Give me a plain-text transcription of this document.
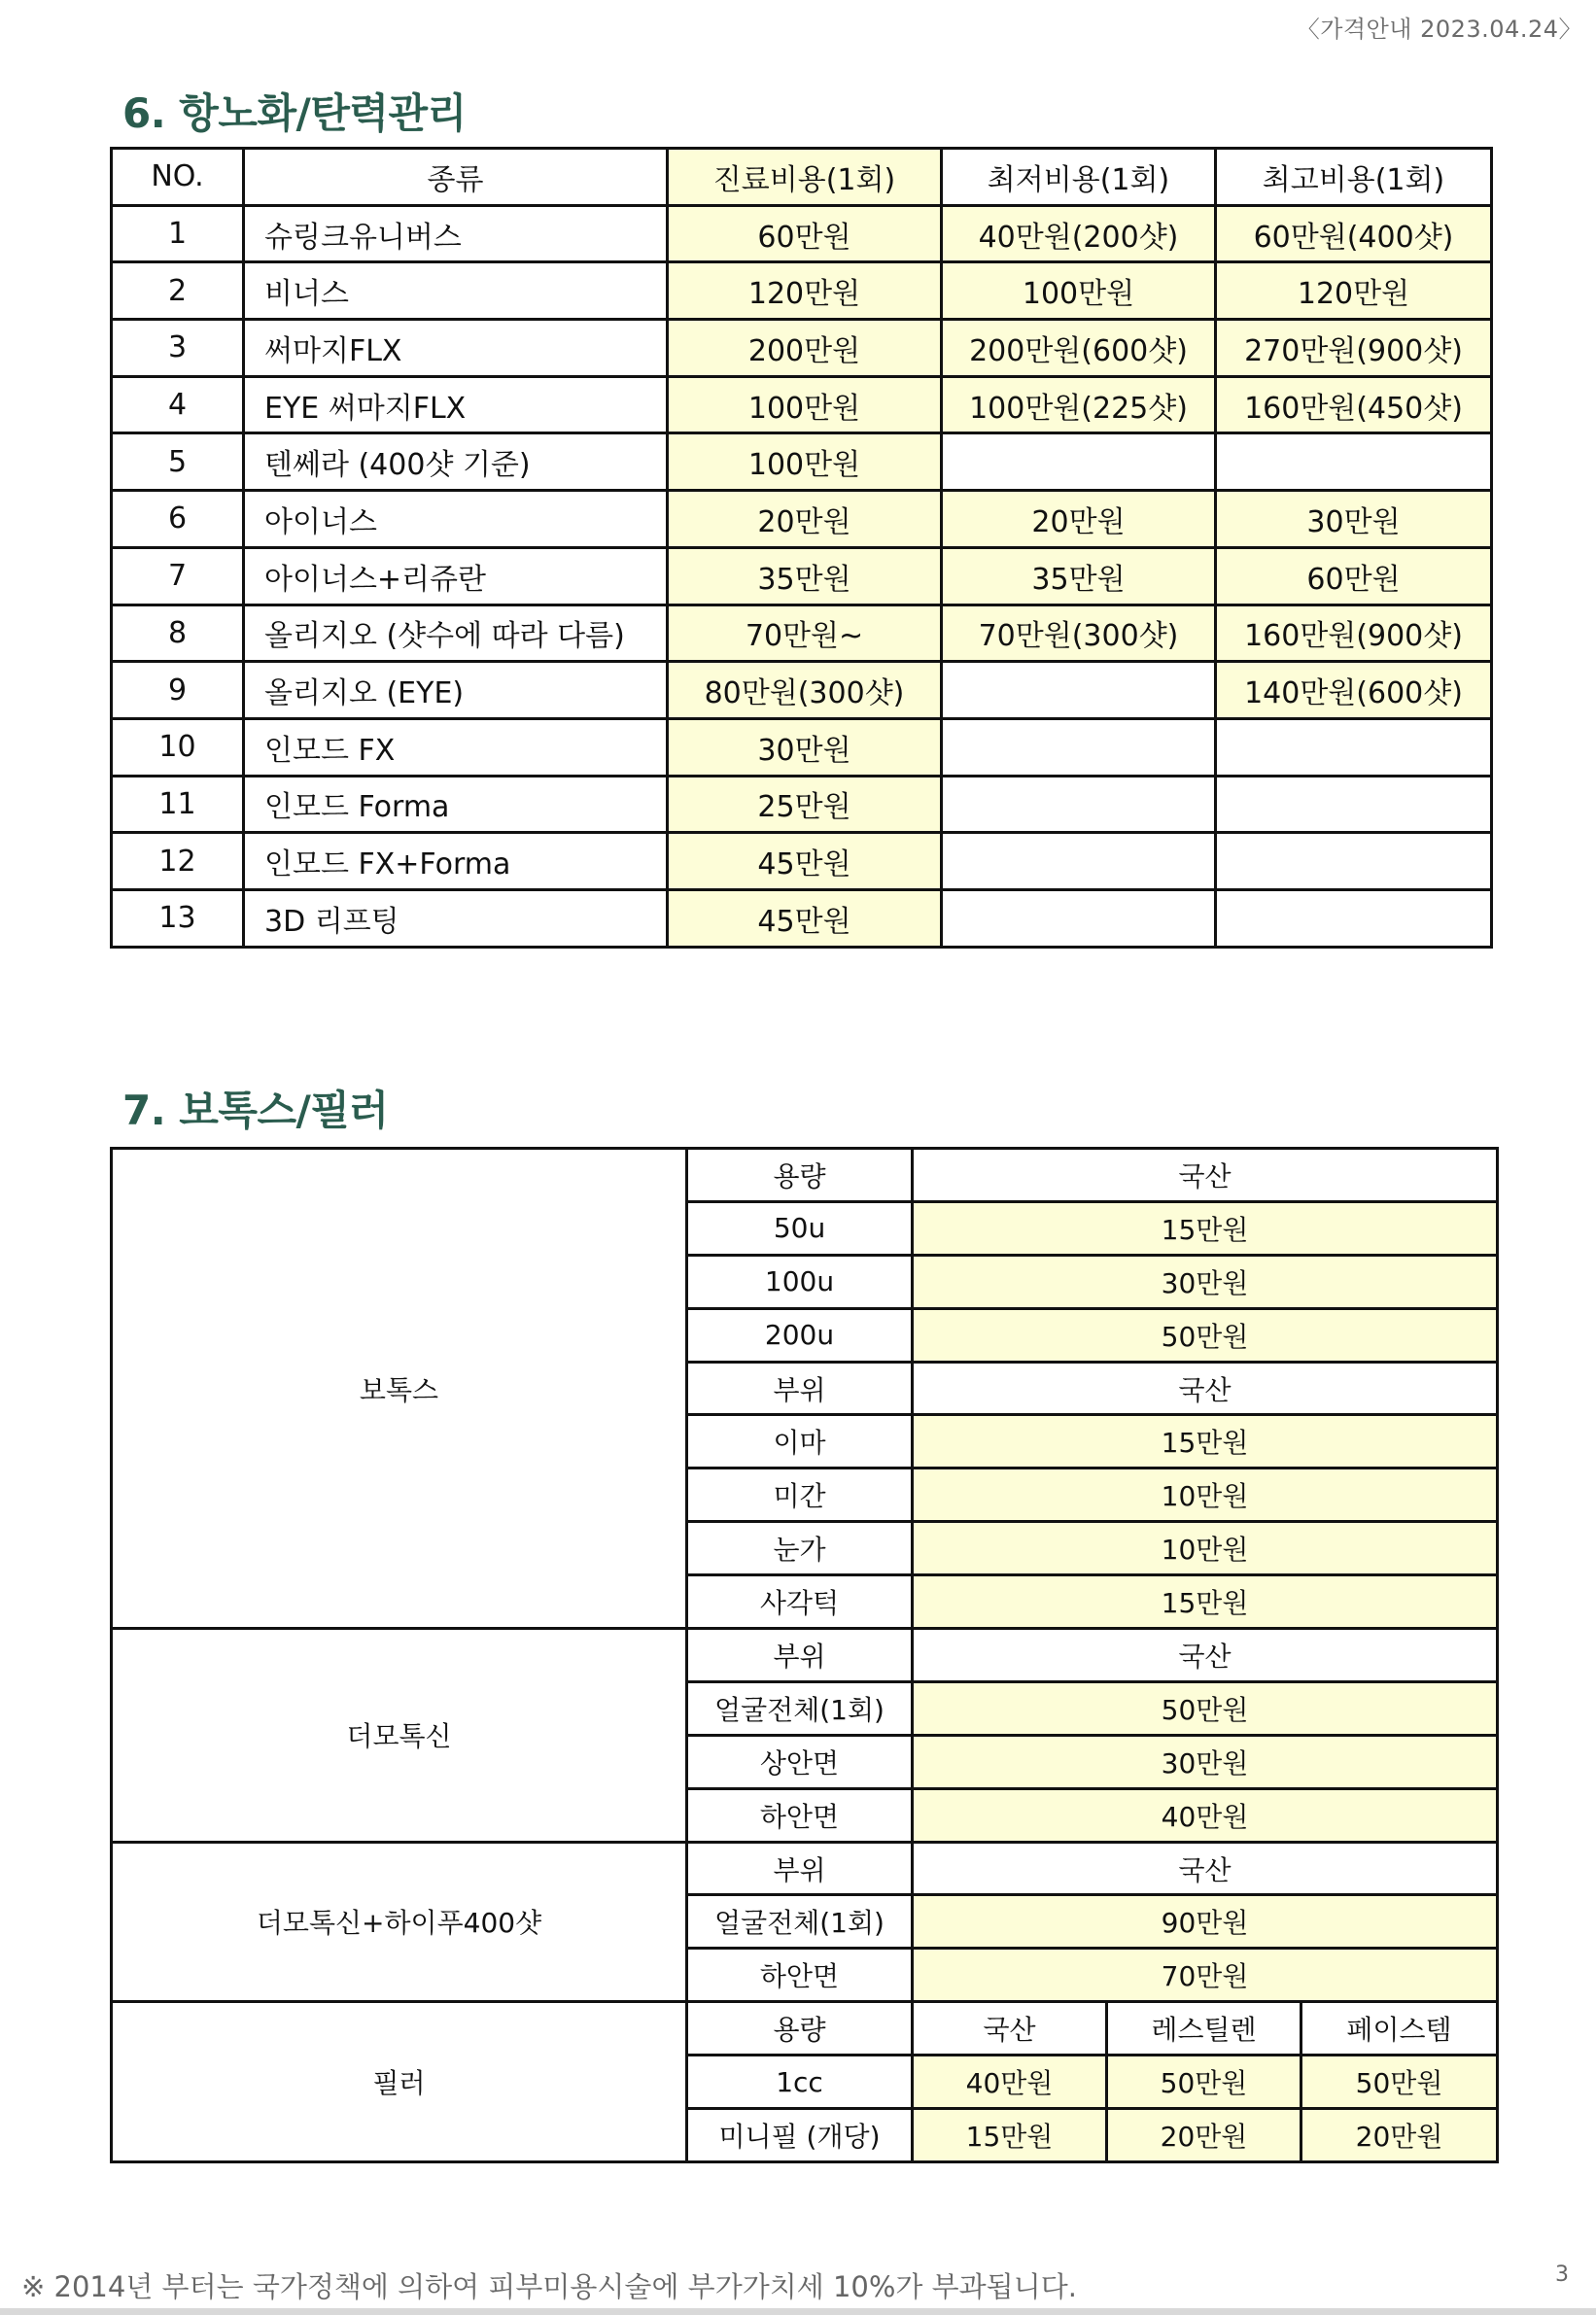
〈가격안내 2023.04.24〉
6. 항노화/탄력관리
NO.	종류	진료비용(1회)	최저비용(1회)	최고비용(1회)
1	슈링크유니버스	60만원	40만원(200샷)	60만원(400샷)
2	비너스	120만원	100만원	120만원
3	써마지FLX	200만원	200만원(600샷)	270만원(900샷)
4	EYE 써마지FLX	100만원	100만원(225샷)	160만원(450샷)
5	텐쎄라 (400샷 기준)	100만원		
6	아이너스	20만원	20만원	30만원
7	아이너스+리쥬란	35만원	35만원	60만원
8	올리지오 (샷수에 따라 다름)	70만원~	70만원(300샷)	160만원(900샷)
9	올리지오 (EYE)	80만원(300샷)		140만원(600샷)
10	인모드 FX	30만원		
11	인모드 Forma	25만원		
12	인모드 FX+Forma	45만원		
13	3D 리프팅	45만원		
7. 보톡스/필러
보톡스	용량	국산		
	50u	15만원		
	100u	30만원		
	200u	50만원		
	부위	국산		
	이마	15만원		
	미간	10만원		
	눈가	10만원		
	사각턱	15만원		
더모톡신	부위	국산		
	얼굴전체(1회)	50만원		
	상안면	30만원		
	하안면	40만원		
더모톡신+하이푸400샷	부위	국산		
	얼굴전체(1회)	90만원		
	하안면	70만원		
필러	용량	국산	레스틸렌	페이스템
	1cc	40만원	50만원	50만원
	미니필 (개당)	15만원	20만원	20만원
※ 2014년 부터는 국가정책에 의하여 피부미용시술에 부가가치세 10%가 부과됩니다.	3
